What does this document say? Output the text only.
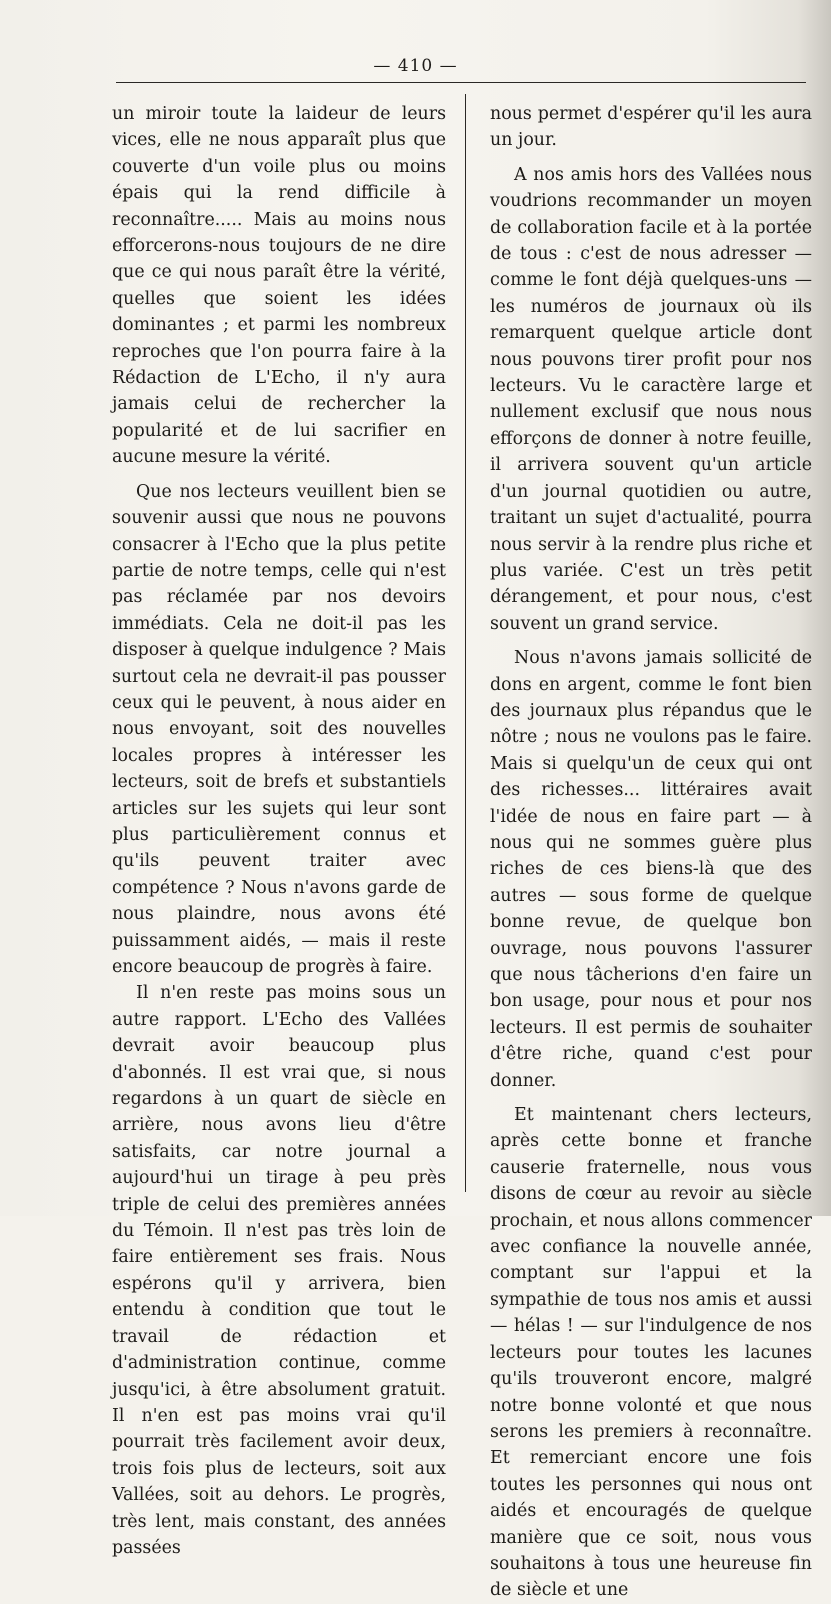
— 410 —

un miroir toute la laideur de leurs vices, elle ne nous apparaît plus que couverte d'un voile plus ou moins épais qui la rend difficile à reconnaître..... Mais au moins nous efforcerons-nous toujours de ne dire que ce qui nous paraît être la vérité, quelles que soient les idées dominantes ; et parmi les nombreux reproches que l'on pourra faire à la Rédaction de L'Echo, il n'y aura jamais celui de rechercher la popularité et de lui sacrifier en aucune mesure la vérité.

Que nos lecteurs veuillent bien se souvenir aussi que nous ne pouvons consacrer à l'Echo que la plus petite partie de notre temps, celle qui n'est pas réclamée par nos devoirs immédiats. Cela ne doit-il pas les disposer à quelque indulgence ? Mais surtout cela ne devrait-il pas pousser ceux qui le peuvent, à nous aider en nous envoyant, soit des nouvelles locales propres à intéresser les lecteurs, soit de brefs et substantiels articles sur les sujets qui leur sont plus particulièrement connus et qu'ils peuvent traiter avec compétence ? Nous n'avons garde de nous plaindre, nous avons été puissamment aidés, — mais il reste encore beaucoup de progrès à faire.

Il n'en reste pas moins sous un autre rapport. L'Echo des Vallées devrait avoir beaucoup plus d'abonnés. Il est vrai que, si nous regardons à un quart de siècle en arrière, nous avons lieu d'être satisfaits, car notre journal a aujourd'hui un tirage à peu près triple de celui des premières années du Témoin. Il n'est pas très loin de faire entièrement ses frais. Nous espérons qu'il y arrivera, bien entendu à condition que tout le travail de rédaction et d'administration continue, comme jusqu'ici, à être absolument gratuit. Il n'en est pas moins vrai qu'il pourrait très facilement avoir deux, trois fois plus de lecteurs, soit aux Vallées, soit au dehors. Le progrès, très lent, mais constant, des années passées

nous permet d'espérer qu'il les aura un jour.

A nos amis hors des Vallées nous voudrions recommander un moyen de collaboration facile et à la portée de tous : c'est de nous adresser — comme le font déjà quelques-uns — les numéros de journaux où ils remarquent quelque article dont nous pouvons tirer profit pour nos lecteurs. Vu le caractère large et nullement exclusif que nous nous efforçons de donner à notre feuille, il arrivera souvent qu'un article d'un journal quotidien ou autre, traitant un sujet d'actualité, pourra nous servir à la rendre plus riche et plus variée. C'est un très petit dérangement, et pour nous, c'est souvent un grand service.

Nous n'avons jamais sollicité de dons en argent, comme le font bien des journaux plus répandus que le nôtre ; nous ne voulons pas le faire. Mais si quelqu'un de ceux qui ont des richesses... littéraires avait l'idée de nous en faire part — à nous qui ne sommes guère plus riches de ces biens-là que des autres — sous forme de quelque bonne revue, de quelque bon ouvrage, nous pouvons l'assurer que nous tâcherions d'en faire un bon usage, pour nous et pour nos lecteurs. Il est permis de souhaiter d'être riche, quand c'est pour donner.

Et maintenant chers lecteurs, après cette bonne et franche causerie fraternelle, nous vous disons de cœur au revoir au siècle prochain, et nous allons commencer avec confiance la nouvelle année, comptant sur l'appui et la sympathie de tous nos amis et aussi — hélas ! — sur l'indulgence de nos lecteurs pour toutes les lacunes qu'ils trouveront encore, malgré notre bonne volonté et que nous serons les premiers à reconnaître. Et remerciant encore une fois toutes les personnes qui nous ont aidés et encouragés de quelque manière que ce soit, nous vous souhaitons à tous une heureuse fin de siècle et une
